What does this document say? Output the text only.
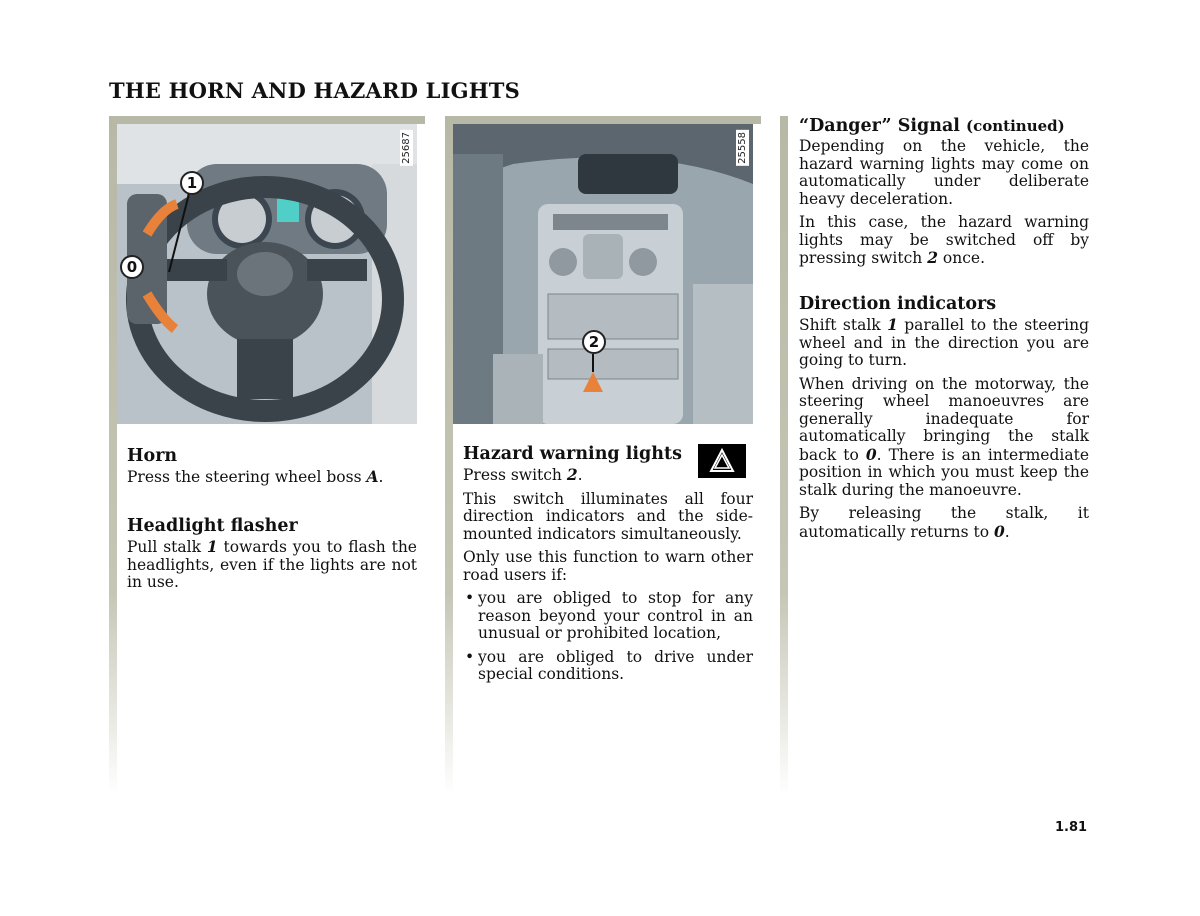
THE HORN AND HAZARD LIGHTS
25687
1
0
Horn

Press the steering wheel boss A.

Headlight flasher

Pull stalk 1 towards you to flash the headlights, even if the lights are not in use.

25558
2
Hazard warning lights

Press switch 2.

This switch illuminates all four direction indicators and the side-mounted indicators simultaneously.

Only use this function to warn other road users if:

• you are obliged to stop for any reason beyond your control in an unusual or prohibited location,
• you are obliged to drive under special conditions.
“Danger” Signal (continued)

Depending on the vehicle, the hazard warning lights may come on automatically under deliberate heavy deceleration.

In this case, the hazard warning lights may be switched off by pressing switch 2 once.

Direction indicators

Shift stalk 1 parallel to the steering wheel and in the direction you are going to turn.

When driving on the motorway, the steering wheel manoeuvres are generally inadequate for automatically bringing the stalk back to 0. There is an intermediate position in which you must keep the stalk during the manoeuvre.

By releasing the stalk, it automatically returns to 0.

1.81
